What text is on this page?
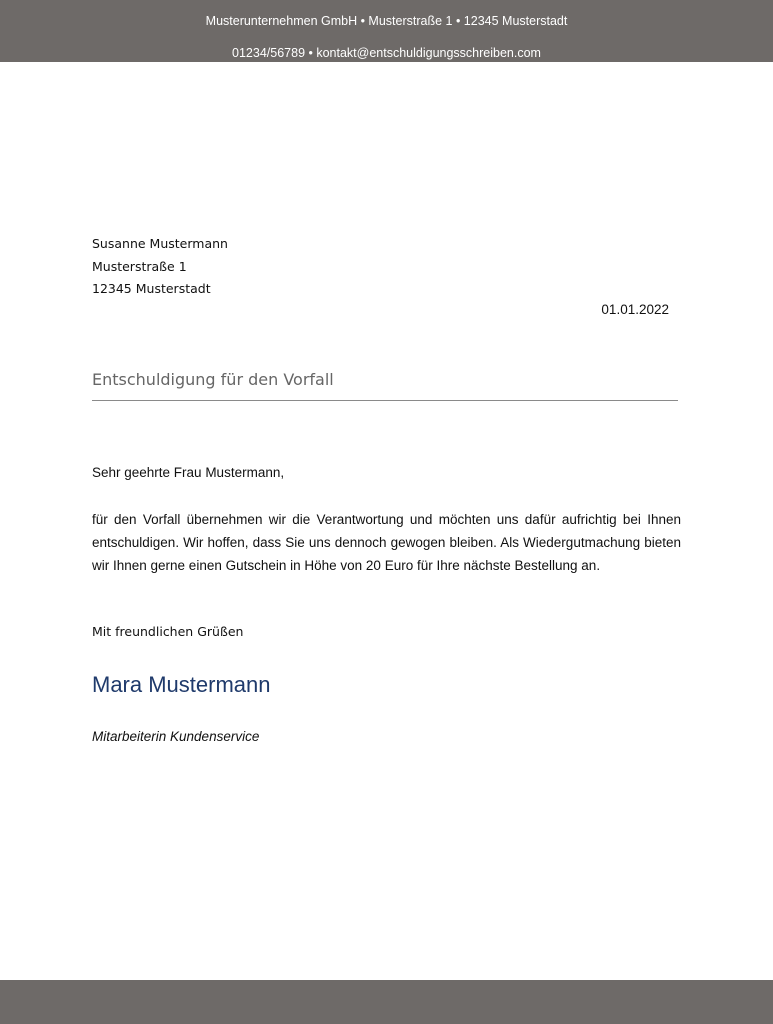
Musterunternehmen GmbH • Musterstraße 1 • 12345 Musterstadt
01234/56789 • kontakt@entschuldigungsschreiben.com
Susanne Mustermann
Musterstraße 1
12345 Musterstadt
01.01.2022
Entschuldigung für den Vorfall
Sehr geehrte Frau Mustermann,
für den Vorfall übernehmen wir die Verantwortung und möchten uns dafür aufrichtig bei Ihnen entschuldigen. Wir hoffen, dass Sie uns dennoch gewogen bleiben. Als Wiedergutmachung bieten wir Ihnen gerne einen Gutschein in Höhe von 20 Euro für Ihre nächste Bestellung an.
Mit freundlichen Grüßen
Mara Mustermann
Mitarbeiterin Kundenservice
